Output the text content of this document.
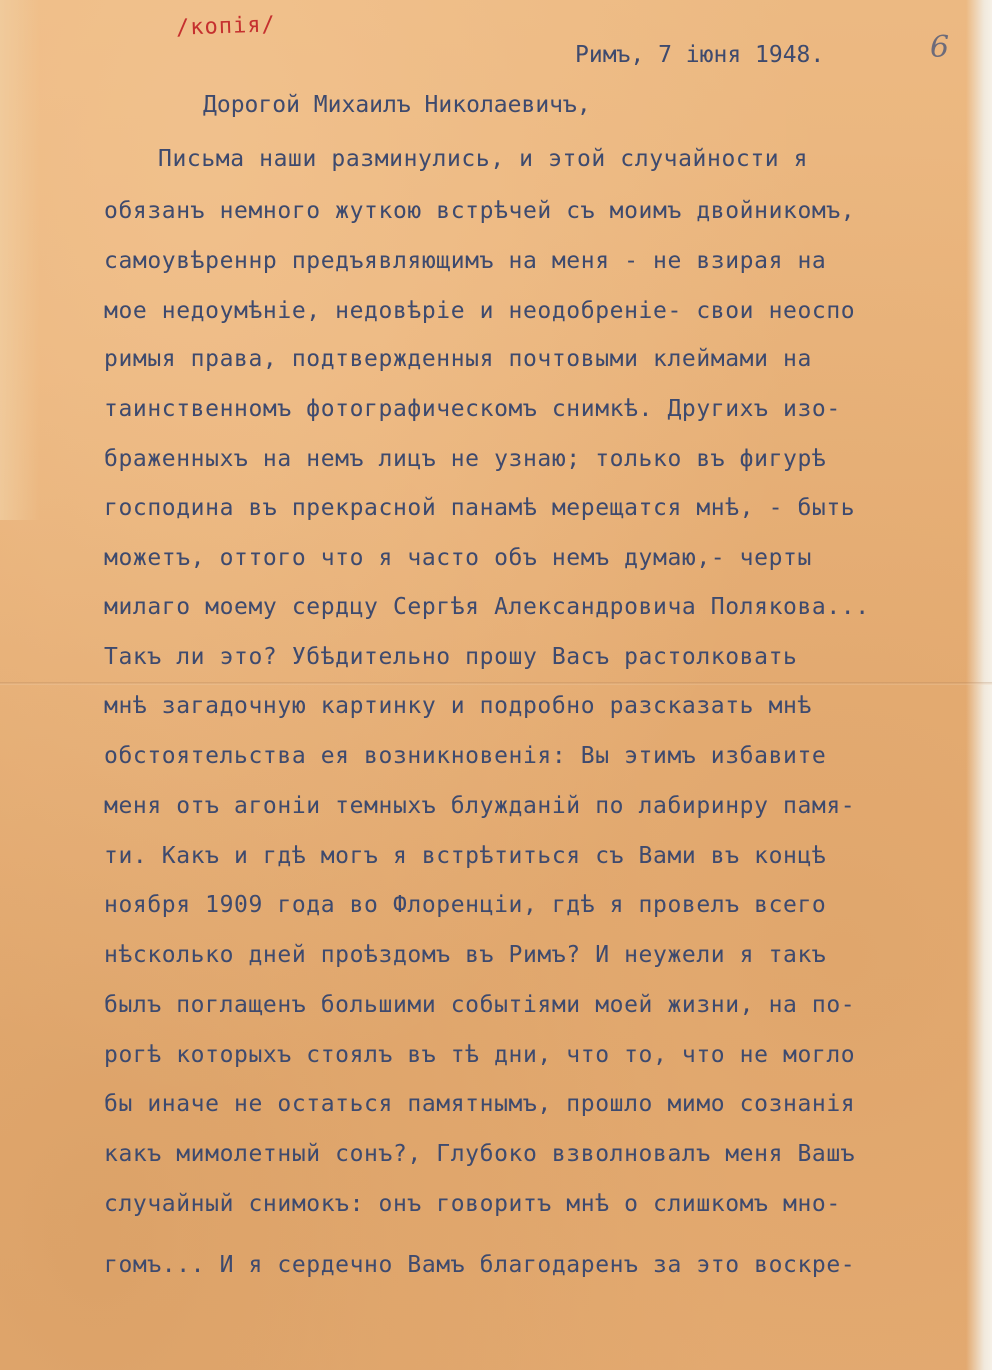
/копія/
6
Римъ, 7 іюня 1948.
Дорогой Михаилъ Николаевичъ,
Письма наши разминулись, и этой случайности я
обязанъ немного жуткою встрѣчей съ моимъ двойникомъ,
самоувѣреннр предъявляющимъ на меня - не взирая на
мое недоумѣніе, недовѣріе и неодобреніе- свои неоспо
римыя права, подтвержденныя почтовыми клеймами на
таинственномъ фотографическомъ снимкѣ. Другихъ изо-
браженныхъ на немъ лицъ не узнаю; только въ фигурѣ
господина въ прекрасной панамѣ мерещатся мнѣ, - быть
можетъ, оттого что я часто объ немъ думаю,- черты
милаго моему сердцу Сергѣя Александровича Полякова...
Такъ ли это? Убѣдительно прошу Васъ растолковать
мнѣ загадочную картинку и подробно разсказать мнѣ
обстоятельства ея возникновенія: Вы этимъ избавите
меня отъ агоніи темныхъ блужданій по лабиринру памя-
ти. Какъ и гдѣ могъ я встрѣтиться съ Вами въ концѣ
ноября 1909 года во Флоренціи, гдѣ я провелъ всего
нѣсколько дней проѣздомъ въ Римъ? И неужели я такъ
былъ поглащенъ большими событіями моей жизни, на по-
рогѣ которыхъ стоялъ въ тѣ дни, что то, что не могло
бы иначе не остаться памятнымъ, прошло мимо сознанія
какъ мимолетный сонъ?, Глубоко взволновалъ меня Вашъ
случайный снимокъ: онъ говоритъ мнѣ о слишкомъ мно-
гомъ... И я сердечно Вамъ благодаренъ за это воскре-
